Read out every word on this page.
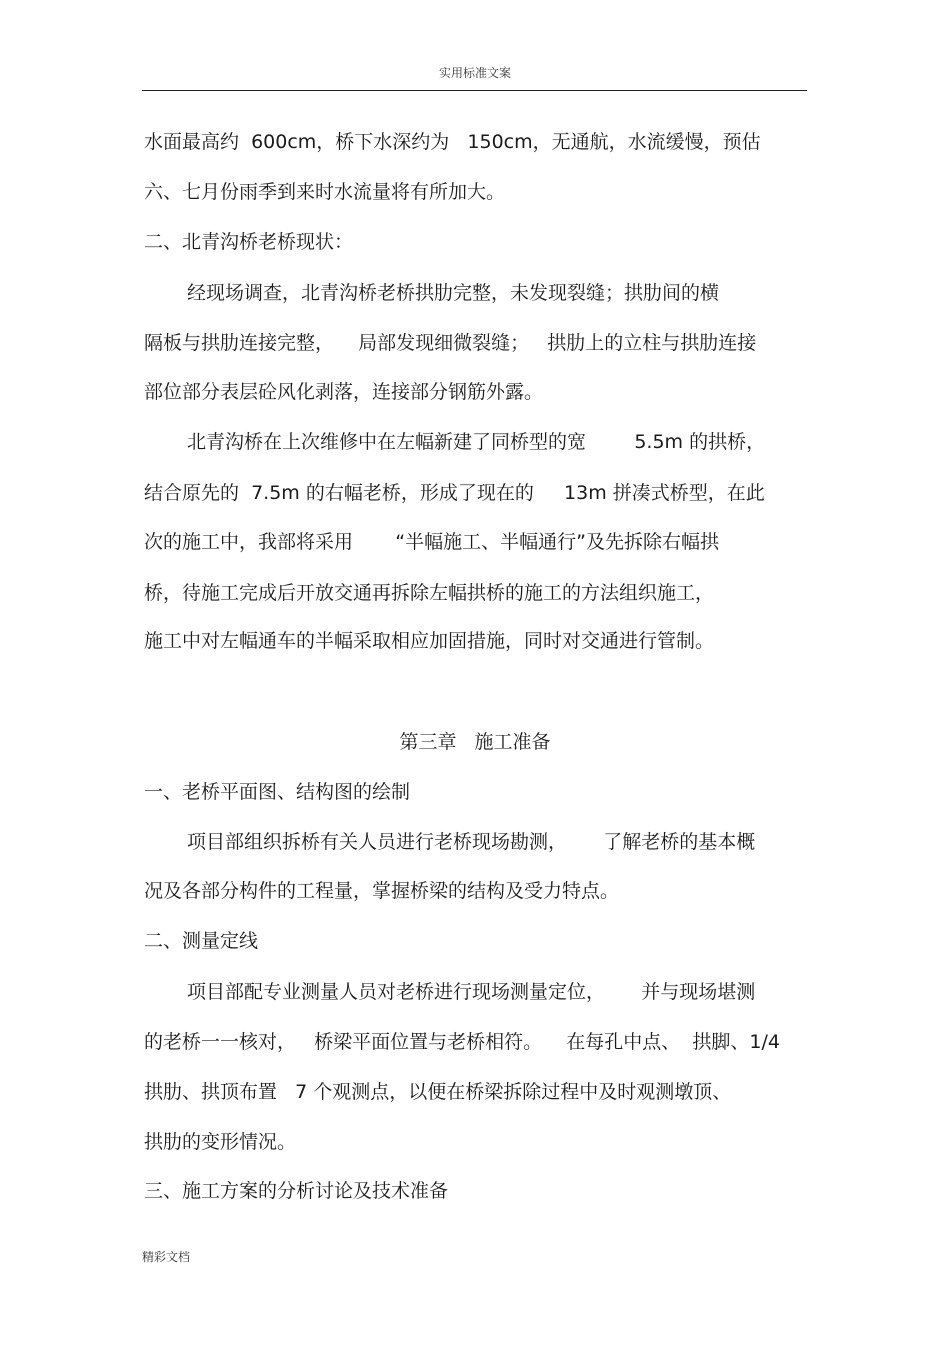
实用标准文案
水面最高约  600cm，桥下水深约为   150cm，无通航，水流缓慢，预估
六、七月份雨季到来时水流量将有所加大。
二、北青沟桥老桥现状：
经现场调查，北青沟桥老桥拱肋完整，未发现裂缝；拱肋间的横
隔板与拱肋连接完整，    局部发现细微裂缝；   拱肋上的立柱与拱肋连接
部位部分表层砼风化剥落，连接部分钢筋外露。
北青沟桥在上次维修中在左幅新建了同桥型的宽        5.5m 的拱桥，
结合原先的  7.5m 的右幅老桥，形成了现在的     13m 拼凑式桥型，在此
次的施工中，我部将采用       “半幅施工、半幅通行”及先拆除右幅拱
桥，待施工完成后开放交通再拆除左幅拱桥的施工的方法组织施工，
施工中对左幅通车的半幅采取相应加固措施，同时对交通进行管制。
第三章   施工准备
一、老桥平面图、结构图的绘制
项目部组织拆桥有关人员进行老桥现场勘测，      了解老桥的基本概
况及各部分构件的工程量，掌握桥梁的结构及受力特点。
二、测量定线
项目部配专业测量人员对老桥进行现场测量定位，      并与现场堪测
的老桥一一核对，   桥梁平面位置与老桥相符。    在每孔中点、  拱脚、1/4
拱肋、拱顶布置   7 个观测点，以便在桥梁拆除过程中及时观测墩顶、
拱肋的变形情况。
三、施工方案的分析讨论及技术准备
精彩文档
